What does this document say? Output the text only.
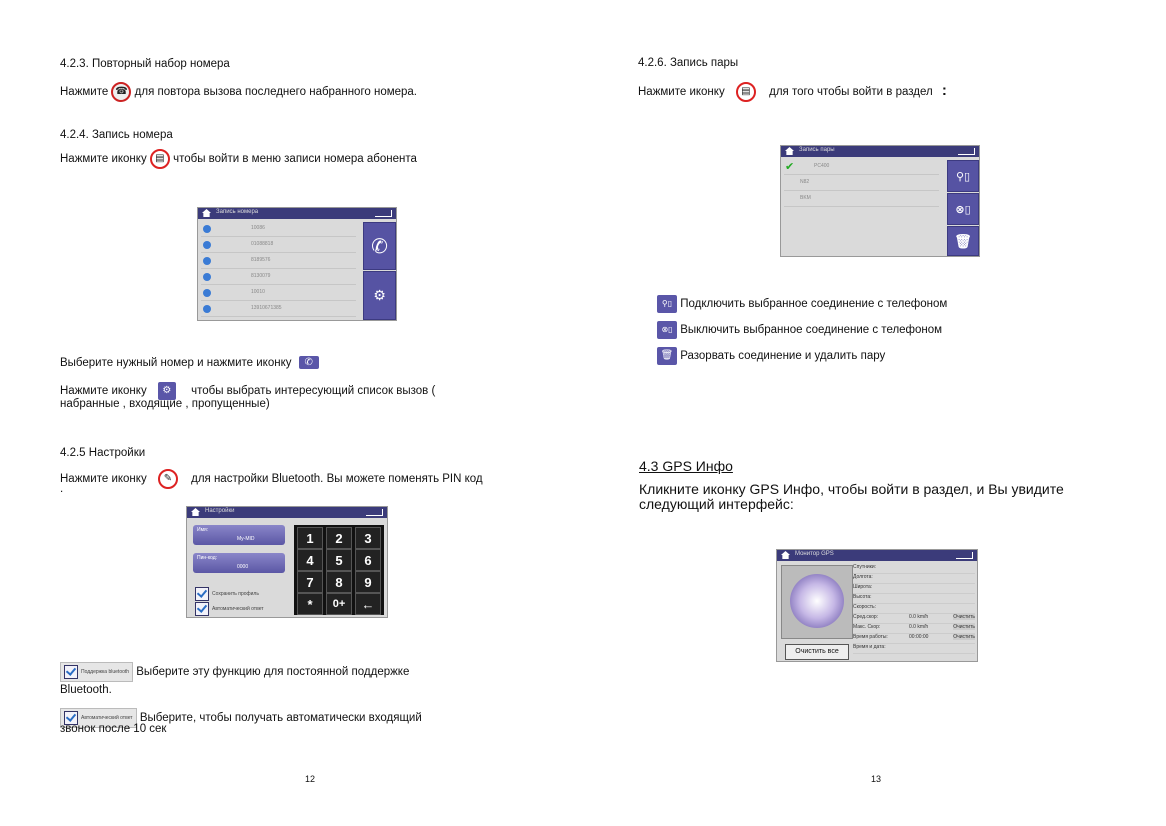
4.2.3. Повторный набор номера
Нажмите ☎ для повтора вызова последнего набранного номера.
4.2.4. Запись номера
Нажмите иконку ▤ чтобы войти в меню записи номера абонента
Запись номера
10086
01088818
8189576
8130079
10010
13910671385
✆
⚙
Выберите нужный номер и нажмите иконку ✆
Нажмите иконку ⚙ чтобы выбрать интересующий список вызов (
набранные , входящие , пропущенные)
4.2.5 Настройки
Нажмите иконку ✎ для настройки Bluetooth. Вы можете поменять PIN код
.
Настройки
Имя:
My-MID
Пин-код:
0000
Сохранить профиль
Автоматический ответ
1	2	3
4	5	6
7	8	9
*	0+	←
Поддержка bluetooth Выберите эту функцию для постоянной поддержке
Bluetooth.
Автоматический ответ Выберите, чтобы получать автоматически входящий
звонок после 10 сек
12
4.2.6. Запись пары
Нажмите иконку ▤ для того чтобы войти в раздел :
Запись пары
✔	PC400
N82
BKM
⚲▯
⊗▯
🗑
⚲▯ Подключить выбранное соединение с телефоном
⊗▯ Выключить выбранное соединение с телефоном
🗑 Разорвать соединение и удалить пару
4.3 GPS Инфо
Кликните иконку GPS Инфо, чтобы войти в раздел, и Вы увидите
следующий интерфейс:
Монитор GPS
Очистить все
Спутники:
Долгота:
Широта:
Высота:
Скорость:
Сред.скор:	0.0 km/h	Очистить
Макс. Скор:	0.0 km/h	Очистить
Время работы:	00:00:00	Очистить
Время и дата:
13
